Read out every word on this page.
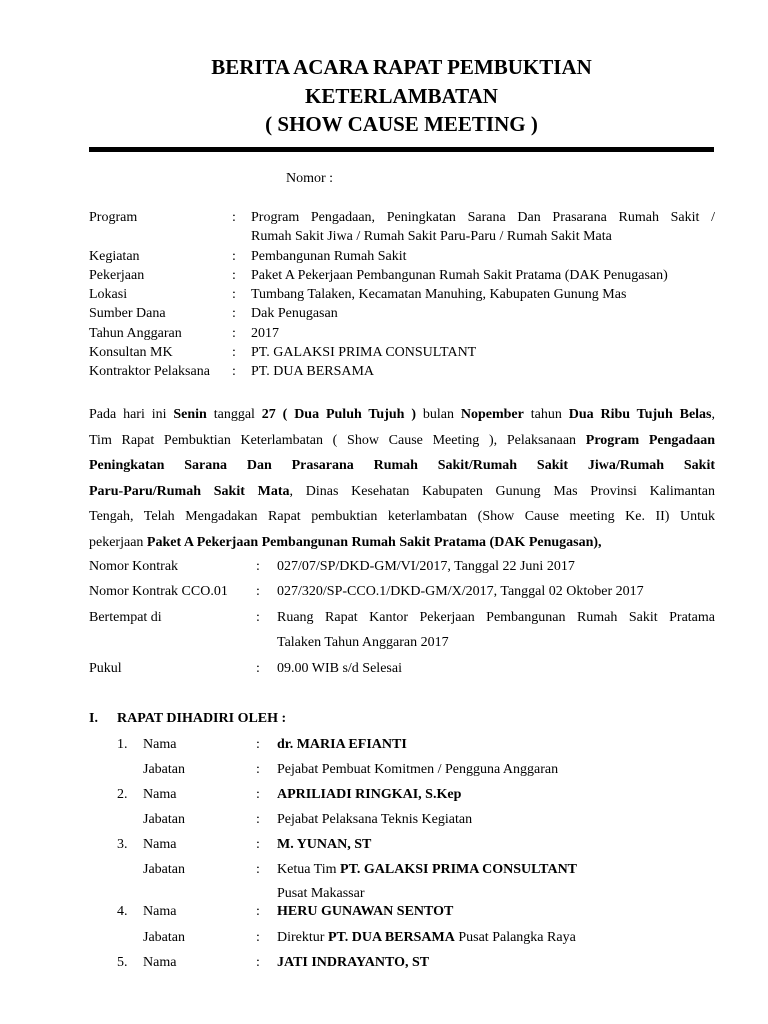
BERITA ACARA RAPAT PEMBUKTIAN
KETERLAMBATAN
( SHOW CAUSE MEETING )
Nomor :
Program	: Program Pengadaan, Peningkatan Sarana Dan Prasarana Rumah Sakit /
Rumah Sakit Jiwa / Rumah Sakit Paru-Paru / Rumah Sakit Mata
Kegiatan	: Pembangunan Rumah Sakit
Pekerjaan	: Paket A Pekerjaan Pembangunan Rumah Sakit Pratama (DAK Penugasan)
Lokasi	: Tumbang Talaken, Kecamatan Manuhing, Kabupaten Gunung Mas
Sumber Dana	: Dak Penugasan
Tahun Anggaran	: 2017
Konsultan MK	: PT. GALAKSI PRIMA CONSULTANT
Kontraktor Pelaksana : PT. DUA BERSAMA
Pada hari ini Senin tanggal 27 ( Dua Puluh Tujuh ) bulan Nopember tahun Dua Ribu Tujuh Belas,
Tim Rapat Pembuktian Keterlambatan ( Show Cause Meeting ), Pelaksanaan Program Pengadaan
Peningkatan Sarana Dan Prasarana Rumah Sakit/Rumah Sakit Jiwa/Rumah Sakit
Paru-Paru/Rumah Sakit Mata, Dinas Kesehatan Kabupaten Gunung Mas Provinsi Kalimantan
Tengah, Telah Mengadakan Rapat pembuktian keterlambatan (Show Cause meeting Ke. II) Untuk
pekerjaan Paket A Pekerjaan Pembangunan Rumah Sakit Pratama (DAK Penugasan),
Nomor Kontrak	: 027/07/SP/DKD-GM/VI/2017, Tanggal 22 Juni 2017
Nomor Kontrak CCO.01 : 027/320/SP-CCO.1/DKD-GM/X/2017, Tanggal 02 Oktober 2017
Bertempat di	: Ruang Rapat Kantor Pekerjaan Pembangunan Rumah Sakit Pratama
Talaken Tahun Anggaran 2017
Pukul	: 09.00 WIB s/d Selesai
I. RAPAT DIHADIRI OLEH :
1. Nama	: dr. MARIA EFIANTI
Jabatan	: Pejabat Pembuat Komitmen / Pengguna Anggaran
2. Nama	: APRILIADI RINGKAI, S.Kep
Jabatan	: Pejabat Pelaksana Teknis Kegiatan
3. Nama	: M. YUNAN, ST
Jabatan	: Ketua Tim PT. GALAKSI PRIMA CONSULTANT
Pusat Makassar
4. Nama	: HERU GUNAWAN SENTOT
Jabatan	: Direktur PT. DUA BERSAMA Pusat Palangka Raya
5. Nama	: JATI INDRAYANTO, ST
